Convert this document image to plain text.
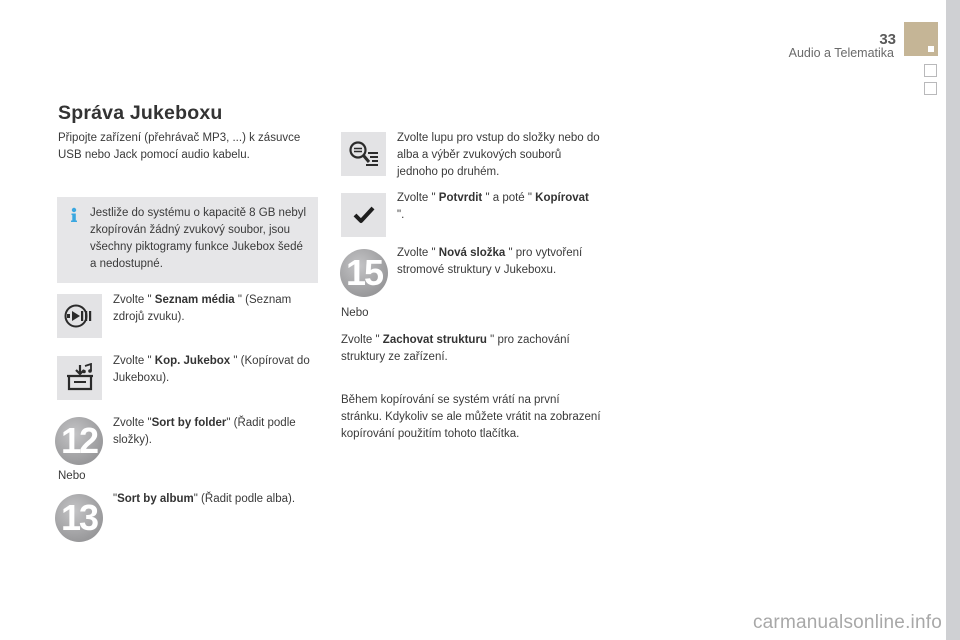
33
Audio a Telematika
Správa Jukeboxu
Připojte zařízení (přehrávač MP3, ...) k zásuvce USB nebo Jack pomocí audio kabelu.
Jestliže do systému o kapacitě 8 GB nebyl zkopírován žádný zvukový soubor, jsou všechny piktogramy funkce Jukebox šedé a nedostupné.
Zvolte " Seznam média " (Seznam zdrojů zvuku).
Zvolte " Kop. Jukebox " (Kopírovat do Jukeboxu).
12	Zvolte "Sort by folder" (Řadit podle složky).
Nebo
13	"Sort by album" (Řadit podle alba).
Zvolte lupu pro vstup do složky nebo do alba a výběr zvukových souborů jednoho po druhém.
Zvolte " Potvrdit " a poté " Kopírovat ".
15	Zvolte " Nová složka " pro vytvoření stromové struktury v Jukeboxu.
Nebo
Zvolte " Zachovat strukturu " pro zachování struktury ze zařízení.
Během kopírování se systém vrátí na první stránku. Kdykoliv se ale můžete vrátit na zobrazení kopírování použitím tohoto tlačítka.
carmanualsonline.info
